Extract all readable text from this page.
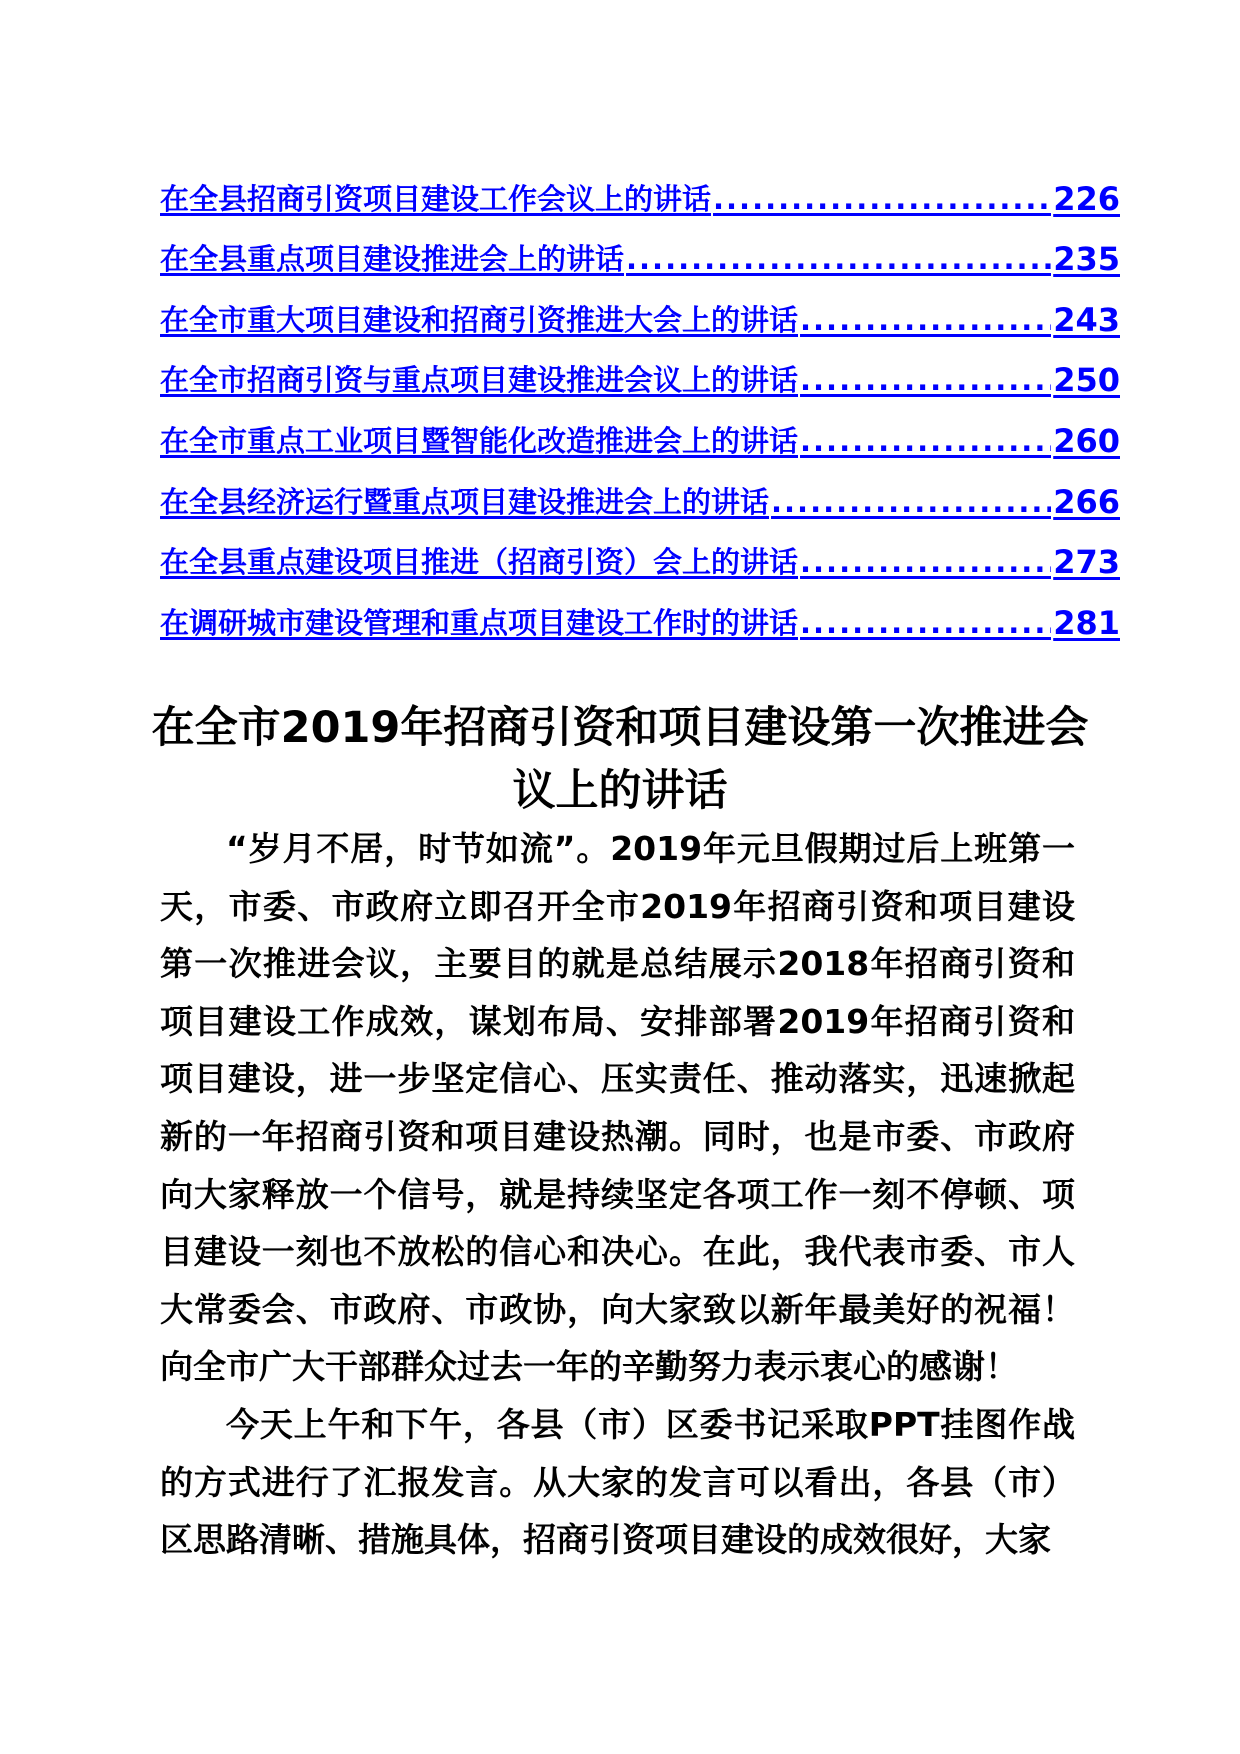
在全县招商引资项目建设工作会议上的讲话 .....	226
在全县重点项目建设推进会上的讲话 .....	235
在全市重大项目建设和招商引资推进大会上的讲话 .....	243
在全市招商引资与重点项目建设推进会议上的讲话 .....	250
在全市重点工业项目暨智能化改造推进会上的讲话 .....	260
在全县经济运行暨重点项目建设推进会上的讲话 .....	266
在全县重点建设项目推进（招商引资）会上的讲话 .....	273
在调研城市建设管理和重点项目建设工作时的讲话 .....	281
在全市2019年招商引资和项目建设第一次推进会议上的讲话

“岁月不居，时节如流”。2019年元旦假期过后上班第一天，市委、市政府立即召开全市2019年招商引资和项目建设第一次推进会议，主要目的就是总结展示2018年招商引资和项目建设工作成效，谋划布局、安排部署2019年招商引资和项目建设，进一步坚定信心、压实责任、推动落实，迅速掀起新的一年招商引资和项目建设热潮。同时，也是市委、市政府向大家释放一个信号，就是持续坚定各项工作一刻不停顿、项目建设一刻也不放松的信心和决心。在此，我代表市委、市人大常委会、市政府、市政协，向大家致以新年最美好的祝福！向全市广大干部群众过去一年的辛勤努力表示衷心的感谢！

今天上午和下午，各县（市）区委书记采取PPT挂图作战的方式进行了汇报发言。从大家的发言可以看出，各县（市）区思路清晰、措施具体，招商引资项目建设的成效很好，大家
